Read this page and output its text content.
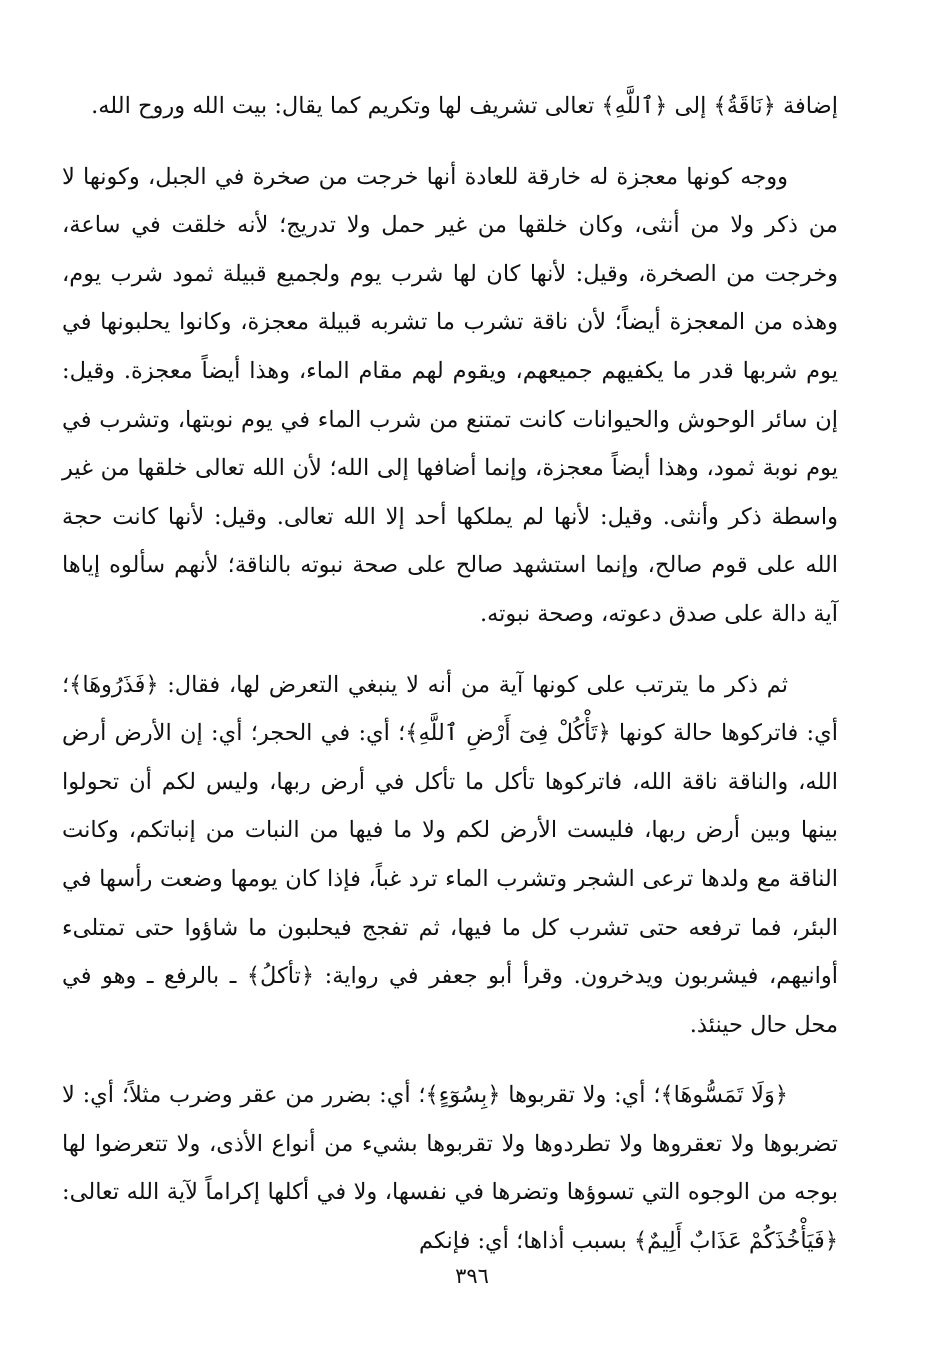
إضافة ﴿نَاقَةُ﴾ إلى ﴿ٱللَّهِ﴾ تعالى تشريف لها وتكريم كما يقال: بيت الله وروح الله.

ووجه كونها معجزة له خارقة للعادة أنها خرجت من صخرة في الجبل، وكونها لا من ذكر ولا من أنثى، وكان خلقها من غير حمل ولا تدريج؛ لأنه خلقت في ساعة، وخرجت من الصخرة، وقيل: لأنها كان لها شرب يوم ولجميع قبيلة ثمود شرب يوم، وهذه من المعجزة أيضاً؛ لأن ناقة تشرب ما تشربه قبيلة معجزة، وكانوا يحلبونها في يوم شربها قدر ما يكفيهم جميعهم، ويقوم لهم مقام الماء، وهذا أيضاً معجزة. وقيل: إن سائر الوحوش والحيوانات كانت تمتنع من شرب الماء في يوم نوبتها، وتشرب في يوم نوبة ثمود، وهذا أيضاً معجزة، وإنما أضافها إلى الله؛ لأن الله تعالى خلقها من غير واسطة ذكر وأنثى. وقيل: لأنها لم يملكها أحد إلا الله تعالى. وقيل: لأنها كانت حجة الله على قوم صالح، وإنما استشهد صالح على صحة نبوته بالناقة؛ لأنهم سألوه إياها آية دالة على صدق دعوته، وصحة نبوته.

ثم ذكر ما يترتب على كونها آية من أنه لا ينبغي التعرض لها، فقال: ﴿فَذَرُوهَا﴾؛ أي: فاتركوها حالة كونها ﴿تَأْكُلْ فِىٓ أَرْضِ ٱللَّهِ﴾؛ أي: في الحجر؛ أي: إن الأرض أرض الله، والناقة ناقة الله، فاتركوها تأكل ما تأكل في أرض ربها، وليس لكم أن تحولوا بينها وبين أرض ربها، فليست الأرض لكم ولا ما فيها من النبات من إنباتكم، وكانت الناقة مع ولدها ترعى الشجر وتشرب الماء ترد غباً، فإذا كان يومها وضعت رأسها في البئر، فما ترفعه حتى تشرب كل ما فيها، ثم تفجج فيحلبون ما شاؤوا حتى تمتلىء أوانيهم، فيشربون ويدخرون. وقرأ أبو جعفر في رواية: ﴿تأكلُ﴾ ـ بالرفع ـ وهو في محل حال حينئذ.

﴿وَلَا تَمَسُّوهَا﴾؛ أي: ولا تقربوها ﴿بِسُوٓءٍ﴾؛ أي: بضرر من عقر وضرب مثلاً؛ أي: لا تضربوها ولا تعقروها ولا تطردوها ولا تقربوها بشيء من أنواع الأذى، ولا تتعرضوا لها بوجه من الوجوه التي تسوؤها وتضرها في نفسها، ولا في أكلها إكراماً لآية الله تعالى: ﴿فَيَأْخُذَكُمْ عَذَابٌ أَلِيمٌ﴾ بسبب أذاها؛ أي: فإنكم

٣٩٦
